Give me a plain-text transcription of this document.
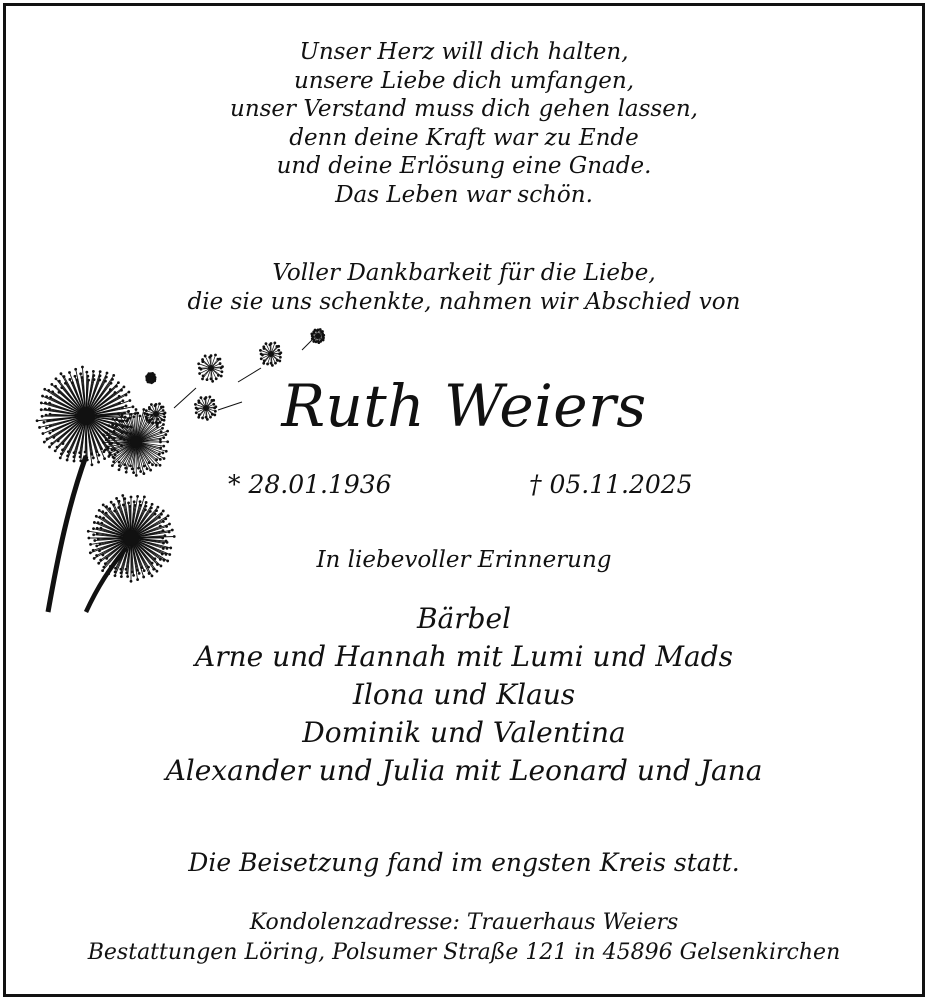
Unser Herz will dich halten,
unsere Liebe dich umfangen,
unser Verstand muss dich gehen lassen,
denn deine Kraft war zu Ende
und deine Erlösung eine Gnade.
Das Leben war schön.
Voller Dankbarkeit für die Liebe,
die sie uns schenkte, nahmen wir Abschied von
Ruth Weiers
* 28.01.1936	† 05.11.2025
In liebevoller Erinnerung
Bärbel
Arne und Hannah mit Lumi und Mads
Ilona und Klaus
Dominik und Valentina
Alexander und Julia mit Leonard und Jana
Die Beisetzung fand im engsten Kreis statt.
Kondolenzadresse: Trauerhaus Weiers
Bestattungen Löring, Polsumer Straße 121 in 45896 Gelsenkirchen
